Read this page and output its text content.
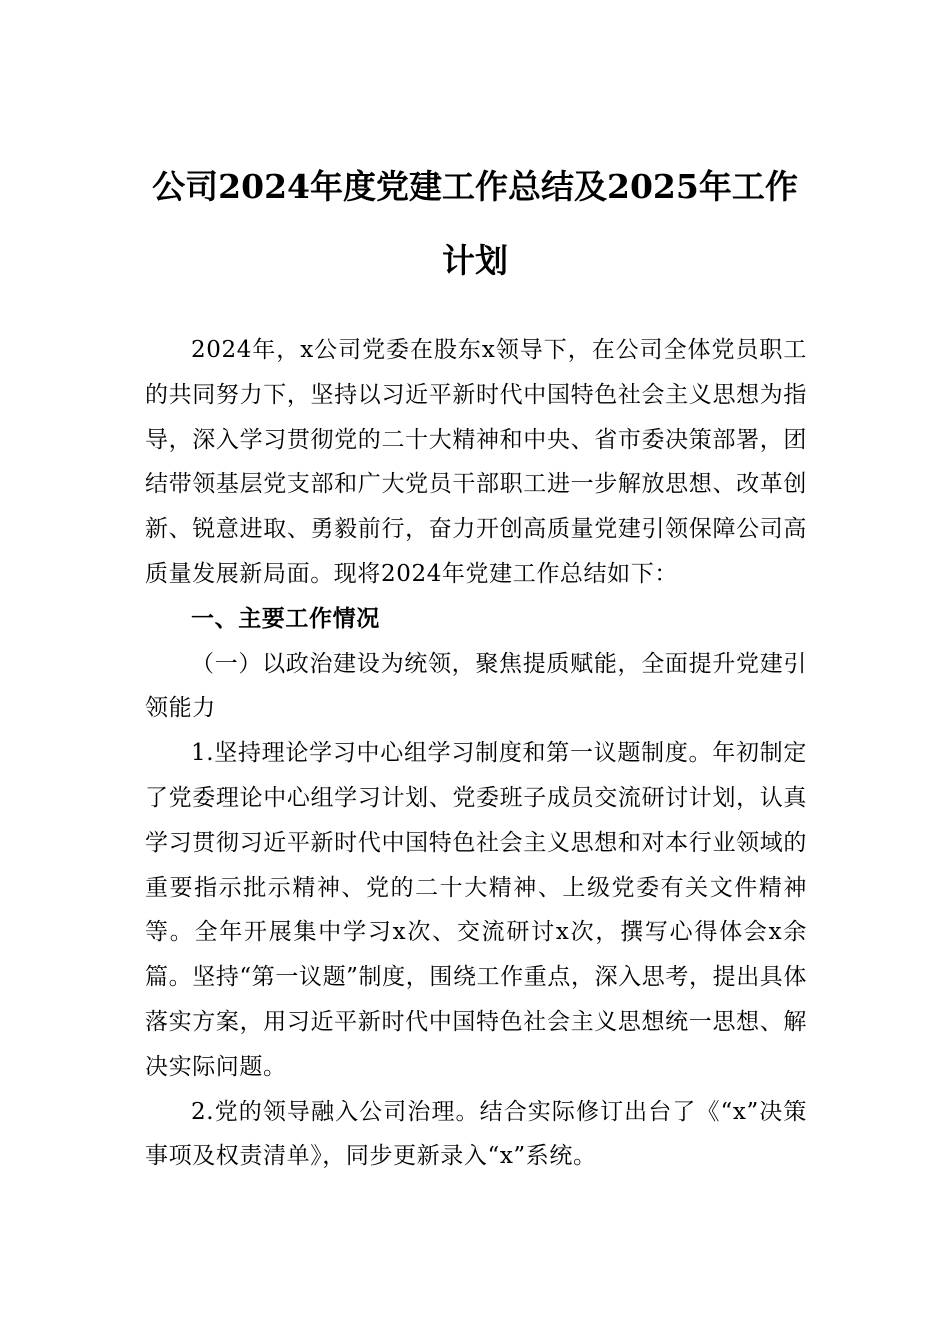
公司2024年度党建工作总结及2025年工作计划

2024年，x公司党委在股东x领导下，在公司全体党员职工的共同努力下，坚持以习近平新时代中国特色社会主义思想为指导，深入学习贯彻党的二十大精神和中央、省市委决策部署，团结带领基层党支部和广大党员干部职工进一步解放思想、改革创新、锐意进取、勇毅前行，奋力开创高质量党建引领保障公司高质量发展新局面。现将2024年党建工作总结如下：

一、主要工作情况

（一）以政治建设为统领，聚焦提质赋能，全面提升党建引领能力

1.坚持理论学习中心组学习制度和第一议题制度。年初制定了党委理论中心组学习计划、党委班子成员交流研讨计划，认真学习贯彻习近平新时代中国特色社会主义思想和对本行业领域的重要指示批示精神、党的二十大精神、上级党委有关文件精神等。全年开展集中学习x次、交流研讨x次，撰写心得体会x余篇。坚持“第一议题”制度，围绕工作重点，深入思考，提出具体落实方案，用习近平新时代中国特色社会主义思想统一思想、解决实际问题。

2.党的领导融入公司治理。结合实际修订出台了《“x”决策事项及权责清单》，同步更新录入“x”系统。
